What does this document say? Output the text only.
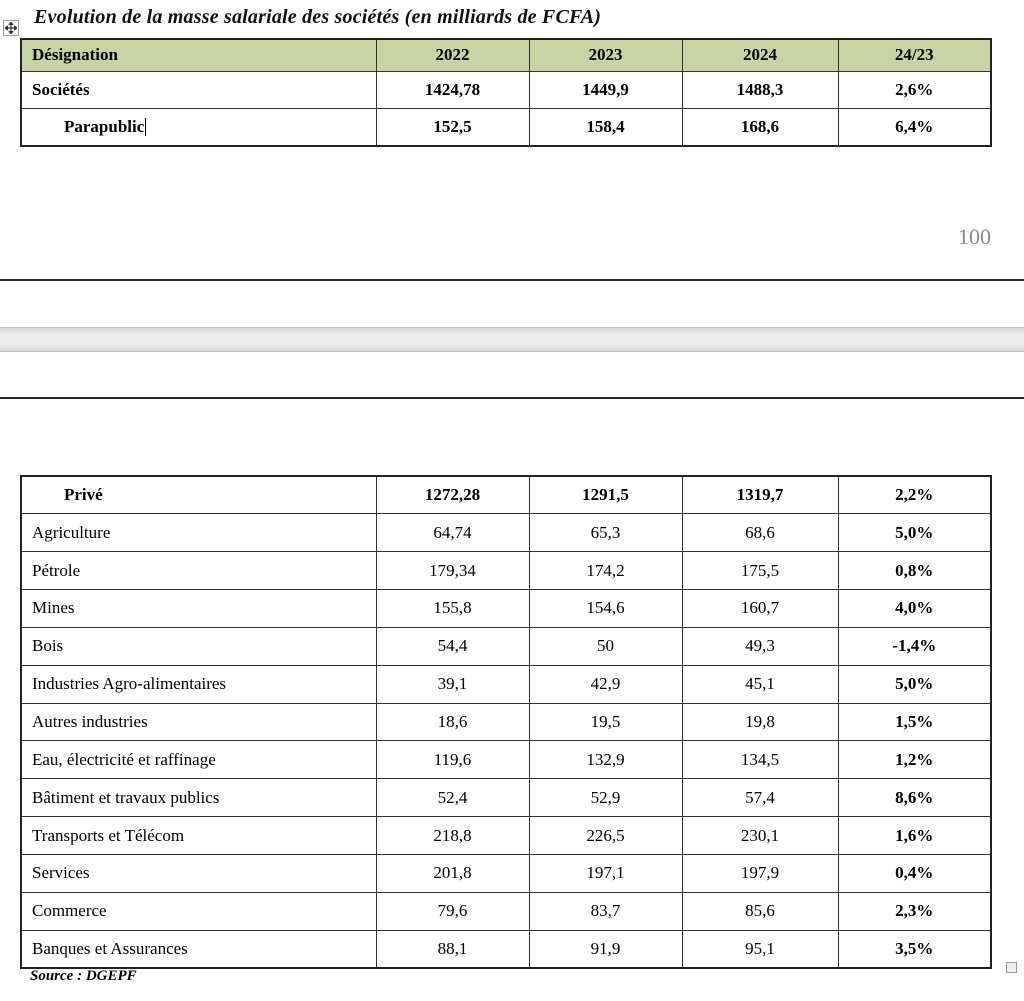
Evolution de la masse salariale des sociétés (en milliards de FCFA)
Désignation	2022	2023	2024	24/23
Sociétés	1424,78	1449,9	1488,3	2,6%
Parapublic	152,5	158,4	168,6	6,4%
100
Privé	1272,28	1291,5	1319,7	2,2%
Agriculture	64,74	65,3	68,6	5,0%
Pétrole	179,34	174,2	175,5	0,8%
Mines	155,8	154,6	160,7	4,0%
Bois	54,4	50	49,3	-1,4%
Industries Agro-alimentaires	39,1	42,9	45,1	5,0%
Autres industries	18,6	19,5	19,8	1,5%
Eau, électricité et raffinage	119,6	132,9	134,5	1,2%
Bâtiment et travaux publics	52,4	52,9	57,4	8,6%
Transports et Télécom	218,8	226,5	230,1	1,6%
Services	201,8	197,1	197,9	0,4%
Commerce	79,6	83,7	85,6	2,3%
Banques et Assurances	88,1	91,9	95,1	3,5%
Source : DGEPF
